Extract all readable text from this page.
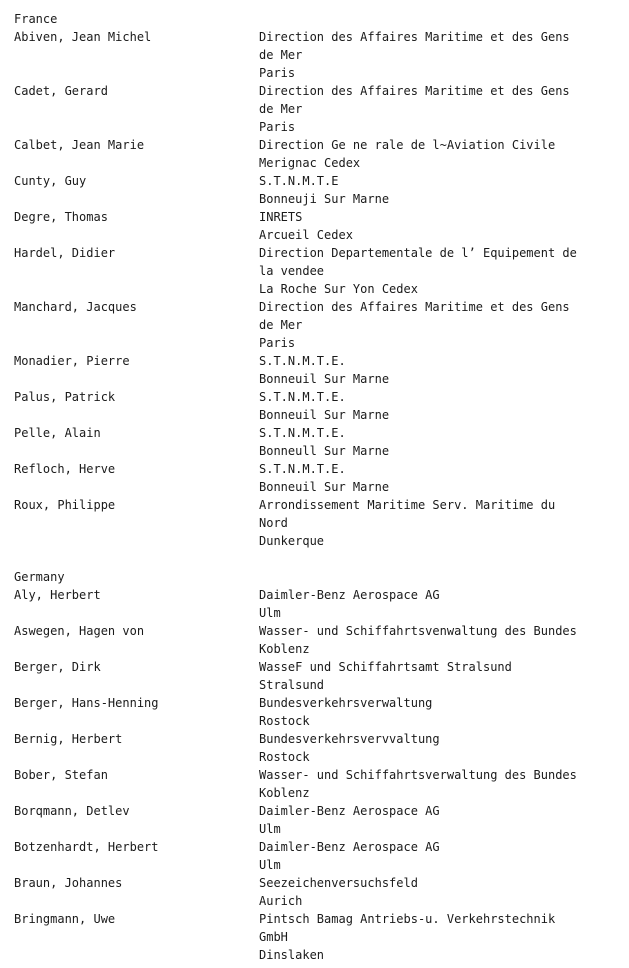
France
Abiven, Jean Michel	Direction des Affaires Maritime et des Gens
de Mer
Paris
Cadet, Gerard	Direction des Affaires Maritime et des Gens
de Mer
Paris
Calbet, Jean Marie	Direction Ge ne rale de l~Aviation Civile
Merignac Cedex
Cunty, Guy	S.T.N.M.T.E
Bonneuji Sur Marne
Degre, Thomas	INRETS
Arcueil Cedex
Hardel, Didier	Direction Departementale de l’ Equipement de
la vendee
La Roche Sur Yon Cedex
Manchard, Jacques	Direction des Affaires Maritime et des Gens
de Mer
Paris
Monadier, Pierre	S.T.N.M.T.E.
Bonneuil Sur Marne
Palus, Patrick	S.T.N.M.T.E.
Bonneuil Sur Marne
Pelle, Alain	S.T.N.M.T.E.
Bonneull Sur Marne
Refloch, Herve	S.T.N.M.T.E.
Bonneuil Sur Marne
Roux, Philippe	Arrondissement Maritime Serv. Maritime du
Nord
Dunkerque
Germany
Aly, Herbert	Daimler-Benz Aerospace AG
Ulm
Aswegen, Hagen von	Wasser- und Schiffahrtsvenwaltung des Bundes
Koblenz
Berger, Dirk	WasseF und Schiffahrtsamt Stralsund
Stralsund
Berger, Hans-Henning	Bundesverkehrsverwaltung
Rostock
Bernig, Herbert	Bundesverkehrsvervvaltung
Rostock
Bober, Stefan	Wasser- und Schiffahrtsverwaltung des Bundes
Koblenz
Borqmann, Detlev	Daimler-Benz Aerospace AG
Ulm
Botzenhardt, Herbert	Daimler-Benz Aerospace AG
Ulm
Braun, Johannes	Seezeichenversuchsfeld
Aurich
Bringmann, Uwe	Pintsch Bamag Antriebs-u. Verkehrstechnik
GmbH
Dinslaken
